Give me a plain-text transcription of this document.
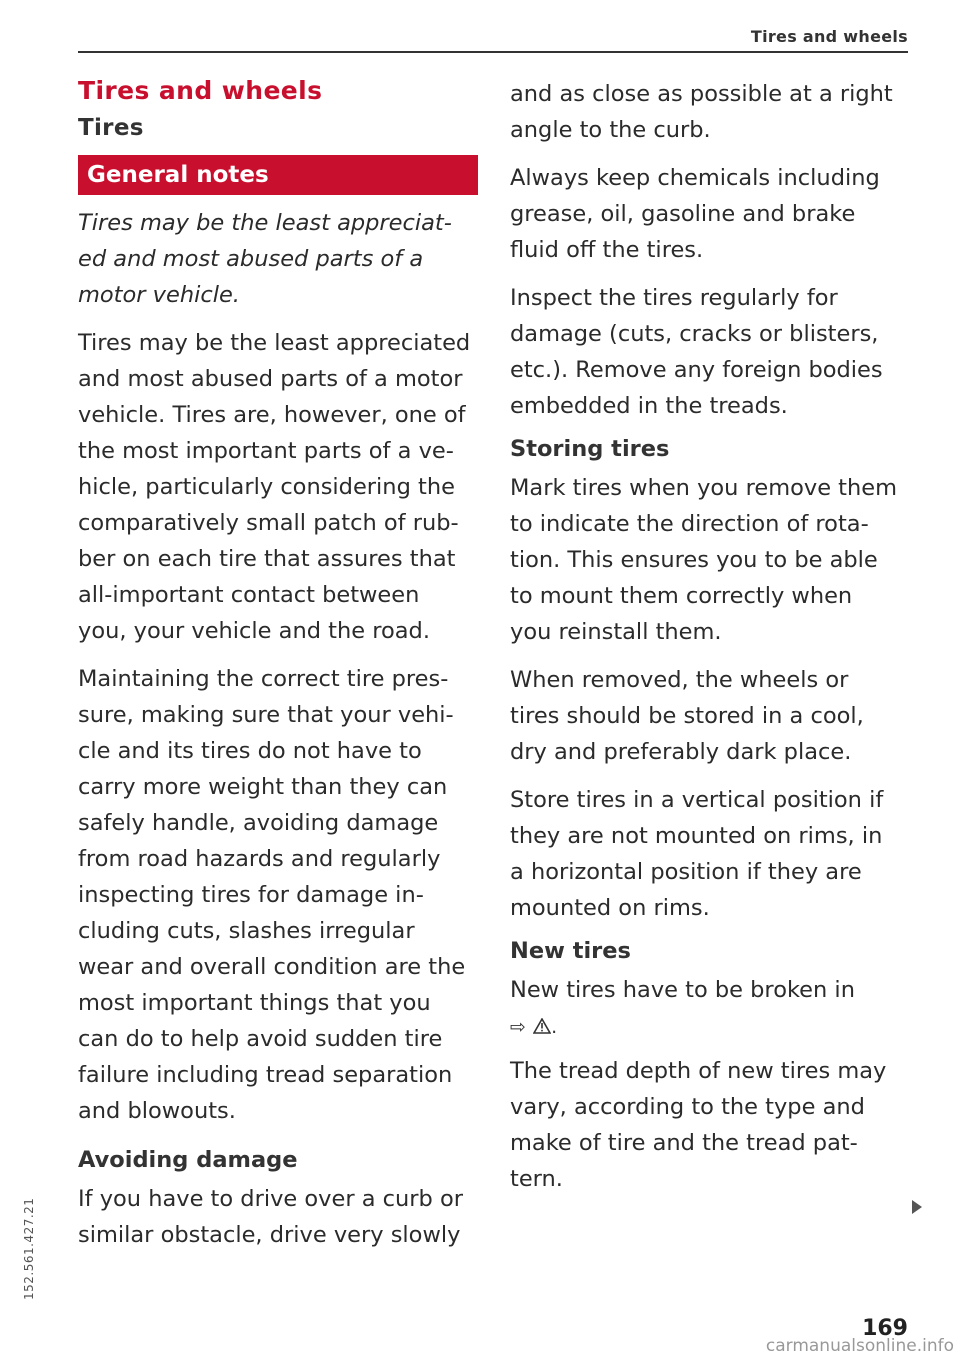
Tires and wheels
Tires and wheels
Tires
General notes
Tires may be the least appreciat-
ed and most abused parts of a
motor vehicle.
Tires may be the least appreciated
and most abused parts of a motor
vehicle. Tires are, however, one of
the most important parts of a ve-
hicle, particularly considering the
comparatively small patch of rub-
ber on each tire that assures that
all-important contact between
you, your vehicle and the road.
Maintaining the correct tire pres-
sure, making sure that your vehi-
cle and its tires do not have to
carry more weight than they can
safely handle, avoiding damage
from road hazards and regularly
inspecting tires for damage in-
cluding cuts, slashes irregular
wear and overall condition are the
most important things that you
can do to help avoid sudden tire
failure including tread separation
and blowouts.
Avoiding damage
If you have to drive over a curb or
similar obstacle, drive very slowly
and as close as possible at a right
angle to the curb.
Always keep chemicals including
grease, oil, gasoline and brake
fluid off the tires.
Inspect the tires regularly for
damage (cuts, cracks or blisters,
etc.). Remove any foreign bodies
embedded in the treads.
Storing tires
Mark tires when you remove them
to indicate the direction of rota-
tion. This ensures you to be able
to mount them correctly when
you reinstall them.
When removed, the wheels or
tires should be stored in a cool,
dry and preferably dark place.
Store tires in a vertical position if
they are not mounted on rims, in
a horizontal position if they are
mounted on rims.
New tires
New tires have to be broken in
⇨ .
The tread depth of new tires may
vary, according to the type and
make of tire and the tread pat-
tern.
169
152.561.427.21
carmanualsonline.info
